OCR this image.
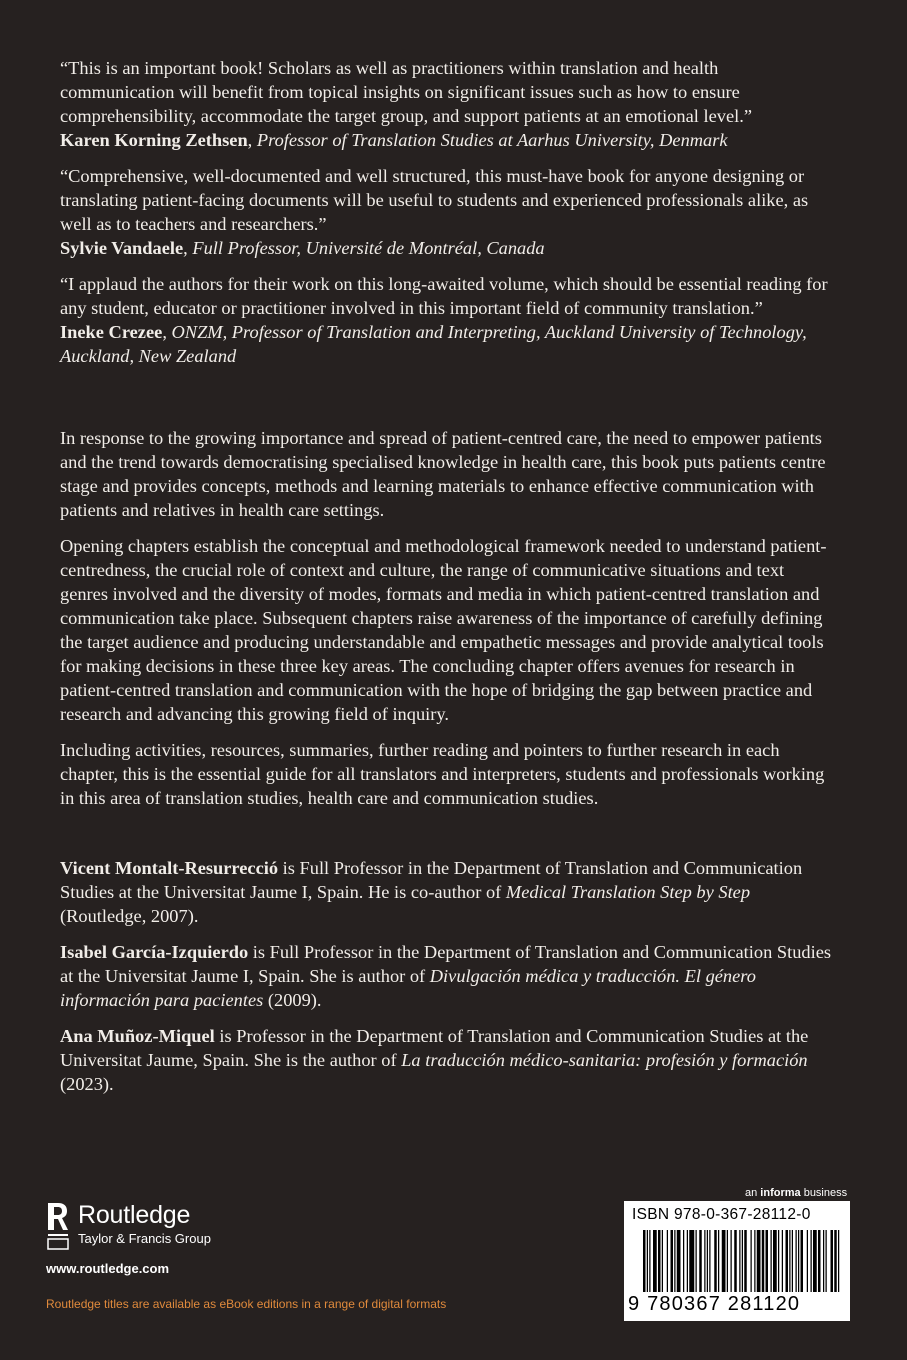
“This is an important book! Scholars as well as practitioners within translation and health communication will benefit from topical insights on significant issues such as how to ensure comprehensibility, accommodate the target group, and support patients at an emotional level.”
Karen Korning Zethsen, Professor of Translation Studies at Aarhus University, Denmark
“Comprehensive, well-documented and well structured, this must-have book for anyone designing or translating patient-facing documents will be useful to students and experienced professionals alike, as well as to teachers and researchers.”
Sylvie Vandaele, Full Professor, Université de Montréal, Canada
“I applaud the authors for their work on this long-awaited volume, which should be essential reading for any student, educator or practitioner involved in this important field of community translation.”
Ineke Crezee, ONZM, Professor of Translation and Interpreting, Auckland University of Technology, Auckland, New Zealand

In response to the growing importance and spread of patient-centred care, the need to empower patients and the trend towards democratising specialised knowledge in health care, this book puts patients centre stage and provides concepts, methods and learning materials to enhance effective communication with patients and relatives in health care settings.

Opening chapters establish the conceptual and methodological framework needed to understand patient-centredness, the crucial role of context and culture, the range of communicative situations and text genres involved and the diversity of modes, formats and media in which patient-centred translation and communication take place. Subsequent chapters raise awareness of the importance of carefully defining the target audience and producing understandable and empathetic messages and provide analytical tools for making decisions in these three key areas. The concluding chapter offers avenues for research in patient-centred translation and communication with the hope of bridging the gap between practice and research and advancing this growing field of inquiry.

Including activities, resources, summaries, further reading and pointers to further research in each chapter, this is the essential guide for all translators and interpreters, students and professionals working in this area of translation studies, health care and communication studies.

Vicent Montalt-Resurrecció is Full Professor in the Department of Translation and Communication Studies at the Universitat Jaume I, Spain. He is co-author of Medical Translation Step by Step (Routledge, 2007).

Isabel García-Izquierdo is Full Professor in the Department of Translation and Communication Studies at the Universitat Jaume I, Spain. She is author of Divulgación médica y traducción. El género información para pacientes (2009).

Ana Muñoz-Miquel is Professor in the Department of Translation and Communication Studies at the Universitat Jaume, Spain. She is the author of La traducción médico-sanitaria: profesión y formación (2023).

Routledge
Taylor & Francis Group
www.routledge.com
Routledge titles are available as eBook editions in a range of digital formats
an informa business
ISBN 978-0-367-28112-0
9 780367 281120
